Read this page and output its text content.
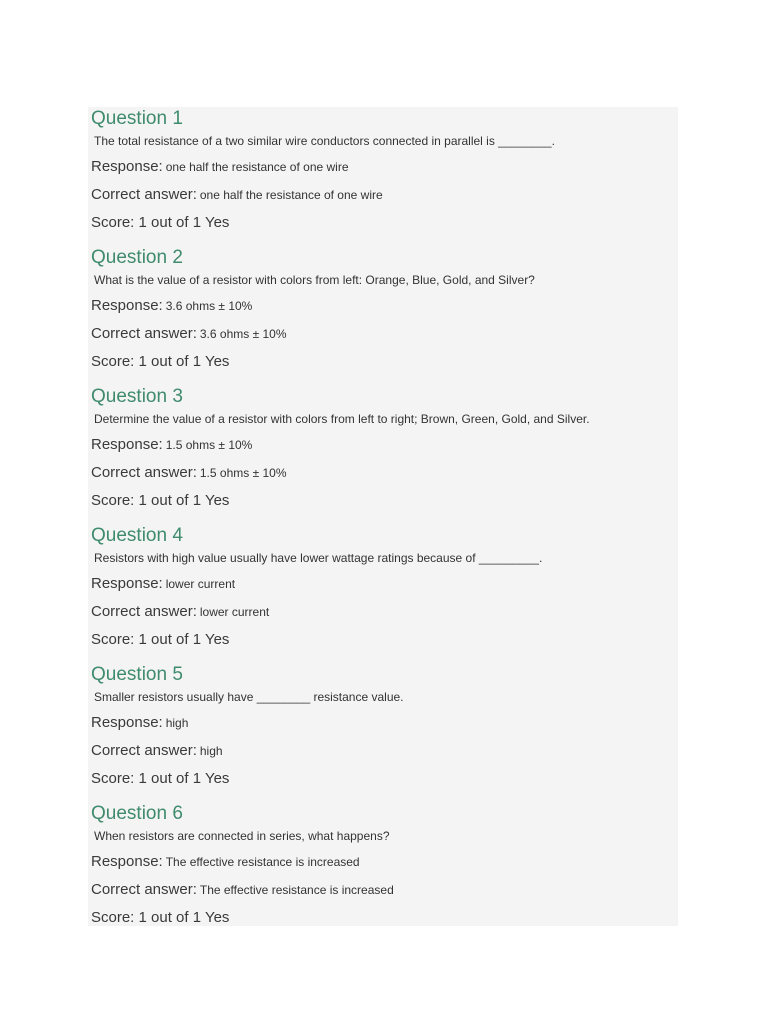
Question 1
The total resistance of a two similar wire conductors connected in parallel is ________.
Response: one half the resistance of one wire
Correct answer: one half the resistance of one wire
Score: 1 out of 1 Yes
Question 2
What is the value of a resistor with colors from left: Orange, Blue, Gold, and Silver?
Response: 3.6 ohms ± 10%
Correct answer: 3.6 ohms ± 10%
Score: 1 out of 1 Yes
Question 3
Determine the value of a resistor with colors from left to right; Brown, Green, Gold, and Silver.
Response: 1.5 ohms ± 10%
Correct answer: 1.5 ohms ± 10%
Score: 1 out of 1 Yes
Question 4
Resistors with high value usually have lower wattage ratings because of _________.
Response: lower current
Correct answer: lower current
Score: 1 out of 1 Yes
Question 5
Smaller resistors usually have ________ resistance value.
Response: high
Correct answer: high
Score: 1 out of 1 Yes
Question 6
When resistors are connected in series, what happens?
Response: The effective resistance is increased
Correct answer: The effective resistance is increased
Score: 1 out of 1 Yes
